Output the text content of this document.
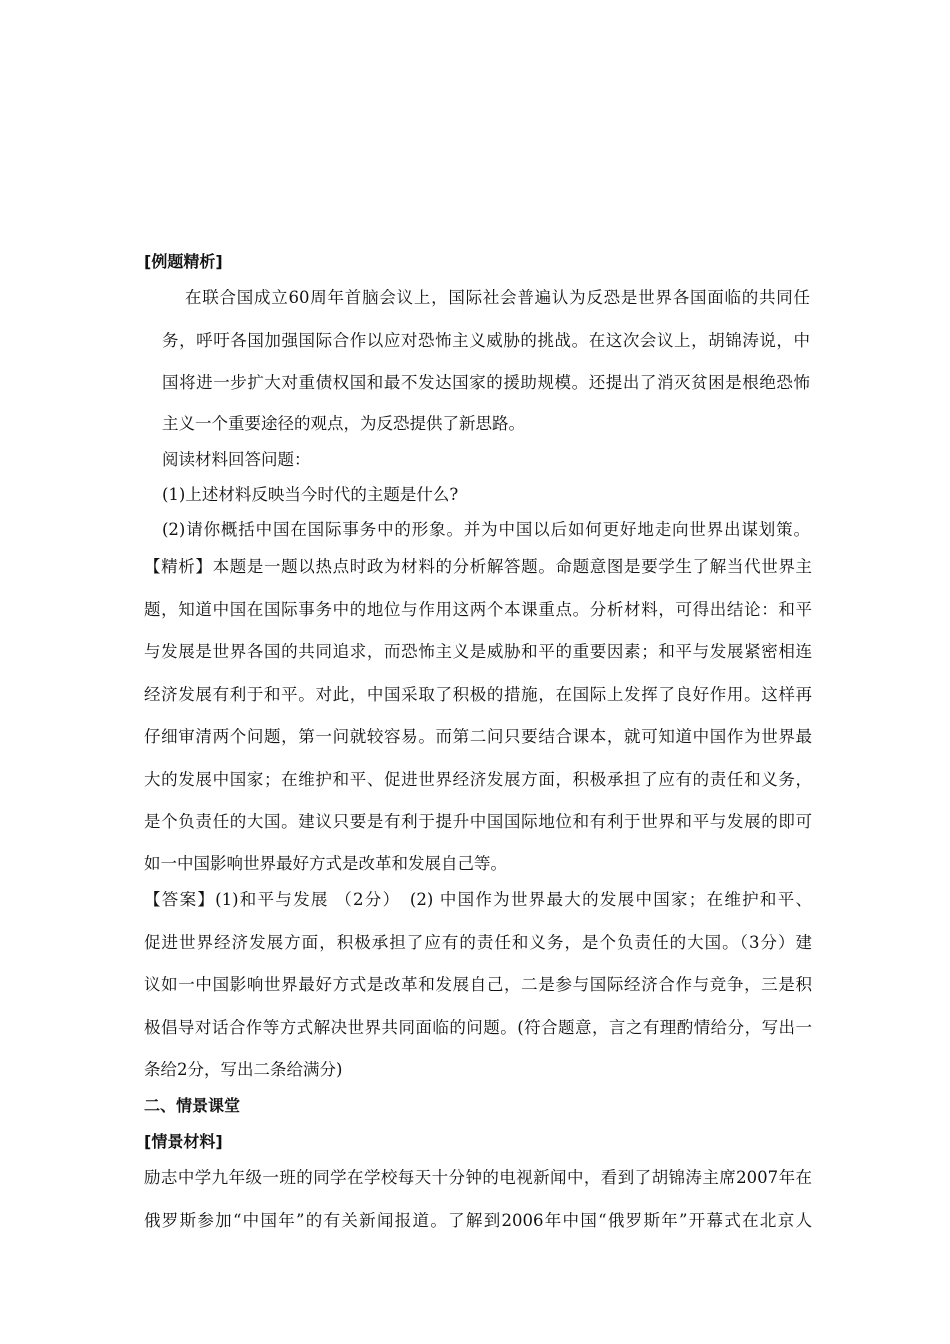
[例题精析]
在联合国成立60周年首脑会议上，国际社会普遍认为反恐是世界各国面临的共同任
务，呼吁各国加强国际合作以应对恐怖主义威胁的挑战。在这次会议上，胡锦涛说，中
国将进一步扩大对重债权国和最不发达国家的援助规模。还提出了消灭贫困是根绝恐怖
主义一个重要途径的观点，为反恐提供了新思路。
阅读材料回答问题：
(1)上述材料反映当今时代的主题是什么?
(2)请你概括中国在国际事务中的形象。并为中国以后如何更好地走向世界出谋划策。
【精析】本题是一题以热点时政为材料的分析解答题。命题意图是要学生了解当代世界主
题，知道中国在国际事务中的地位与作用这两个本课重点。分析材料，可得出结论：和平
与发展是世界各国的共同追求，而恐怖主义是威胁和平的重要因素；和平与发展紧密相连
经济发展有利于和平。对此，中国采取了积极的措施，在国际上发挥了良好作用。这样再
仔细审清两个问题，第一问就较容易。而第二问只要结合课本，就可知道中国作为世界最
大的发展中国家；在维护和平、促进世界经济发展方面，积极承担了应有的责任和义务，
是个负责任的大国。建议只要是有利于提升中国国际地位和有利于世界和平与发展的即可
如一中国影响世界最好方式是改革和发展自己等。
【答案】(1)和平与发展 （2分）　(2) 中国作为世界最大的发展中国家；在维护和平、
促进世界经济发展方面，积极承担了应有的责任和义务，是个负责任的大国。（3分）建
议如一中国影响世界最好方式是改革和发展自己，二是参与国际经济合作与竞争，三是积
极倡导对话合作等方式解决世界共同面临的问题。(符合题意，言之有理酌情给分，写出一
条给2分，写出二条给满分)
二、情景课堂
[情景材料]
励志中学九年级一班的同学在学校每天十分钟的电视新闻中，看到了胡锦涛主席2007年在
俄罗斯参加“中国年”的有关新闻报道。了解到2006年中国“俄罗斯年”开幕式在北京人
